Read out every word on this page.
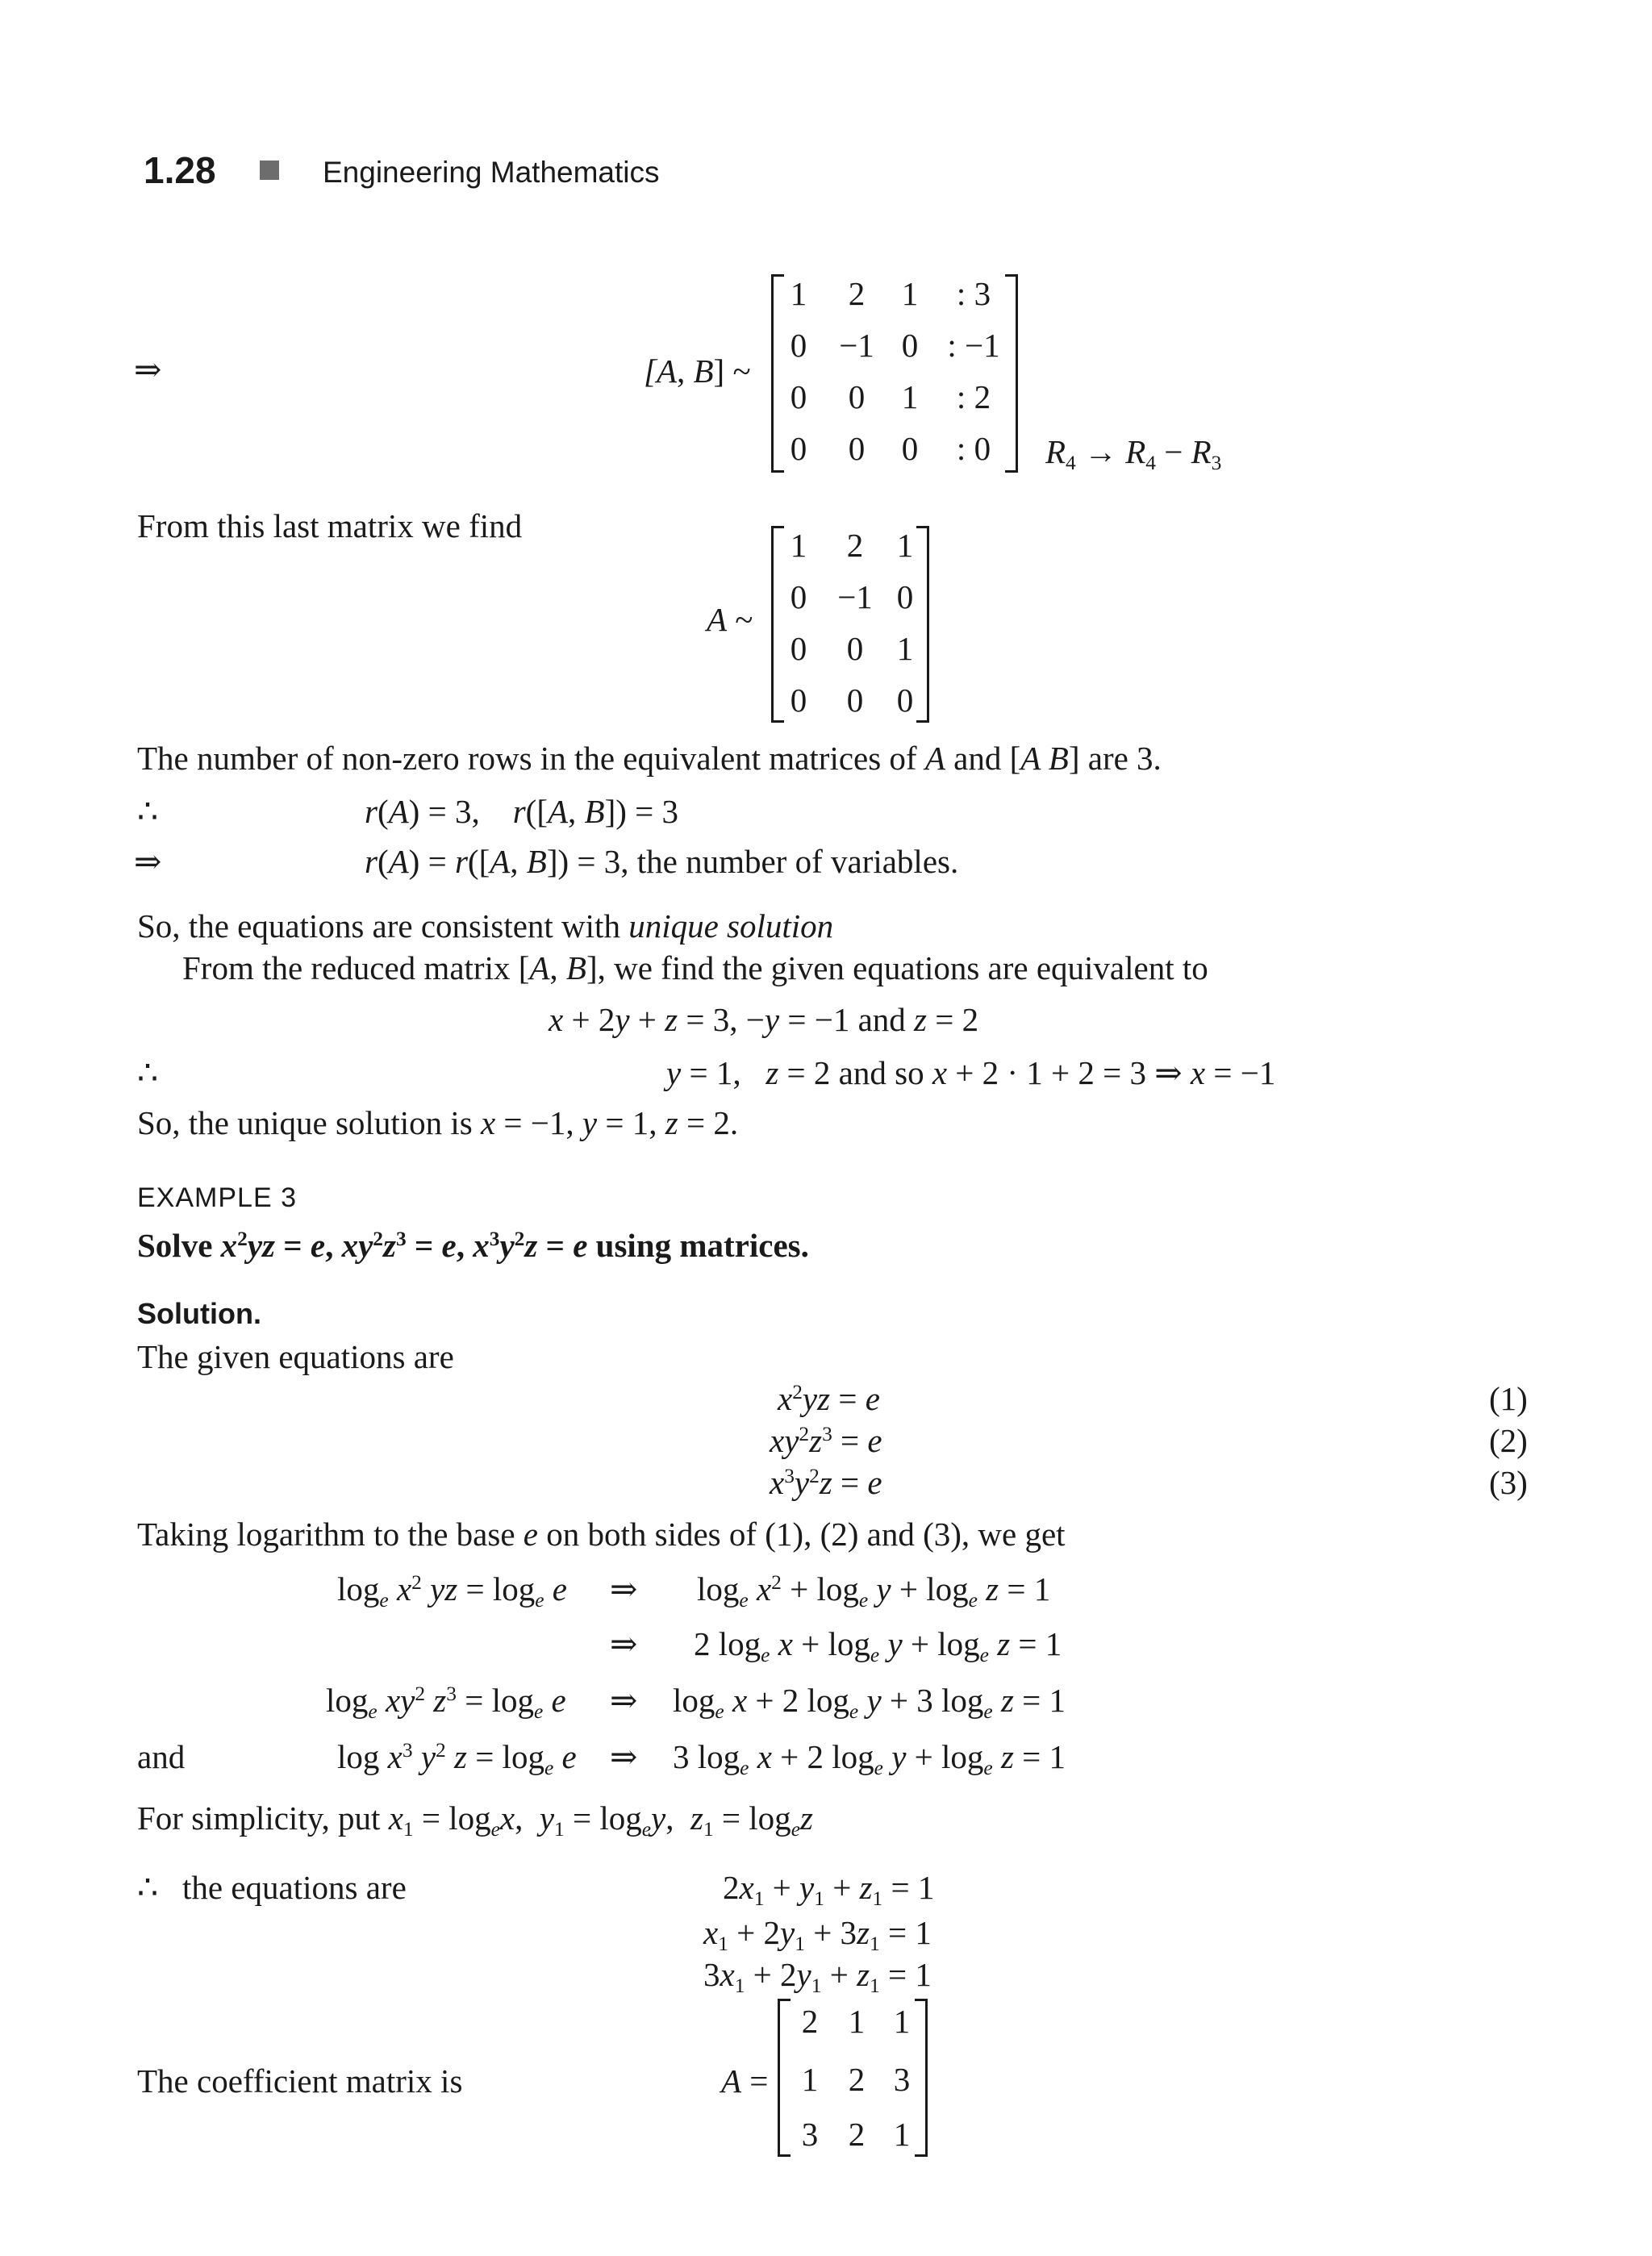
1.28	Engineering Mathematics
⇒	[A, B] ~
1	2	1	: 3
0 −1 0 : −1
0	0	1	: 2
0	0	0	: 0	$R_4 \to R_4 - R_3$
From this last matrix we find
A ~
1	2	1
0 −1 0
0	0	1
0	0	0
The number of non-zero rows in the equivalent matrices of A and [A B] are 3.
∴	r(A) = 3,    r([A, B]) = 3
⇒	r(A) = r([A, B]) = 3, the number of variables.
So, the equations are consistent with unique solution
From the reduced matrix [A, B], we find the given equations are equivalent to
x + 2y + z = 3, −y = −1 and z = 2
∴	y = 1,   z = 2 and so x + 2 · 1 + 2 = 3 ⇒ x = −1
So, the unique solution is x = −1, y = 1, z = 2.
EXAMPLE 3
Solve $x^2yz = e$, $xy^2z^3 = e$, $x^3y^2z = e$ using matrices.
Solution.
The given equations are
$x^2yz = e$
$xy^2z^3 = e$
$x^3y^2z = e$
(1)
(2)
(3)
Taking logarithm to the base e on both sides of (1), (2) and (3), we get
$\log_e x^2$ yz = $\log_e e$ ⇒ $\log_e x^2 + \log_e y + \log_e z = 1$
⇒ 2 $\log_e x + \log_e y + \log_e z = 1$
$\log_e xy^2$ $z^3 = \log_e e$ ⇒ $\log_e x + 2$ $\log_e y + 3$ $\log_e z = 1$
and	$\log x^3$ $y^2$ $z = \log_e e$ ⇒ 3 $\log_e x + 2$ $\log_e y + \log_e z = 1$
For simplicity, put $x_1 = \log_ex$,  $y_1 = \log_ey$,  $z_1 = \log_ez$
∴ the equations are	$2x_1 + y_1 + z_1 = 1$
$x_1 + 2y_1 + 3z_1 = 1$
$3x_1 + 2y_1 + z_1 = 1$
The coefficient matrix is	A =
2 1 1
1 2 3
3 2 1
